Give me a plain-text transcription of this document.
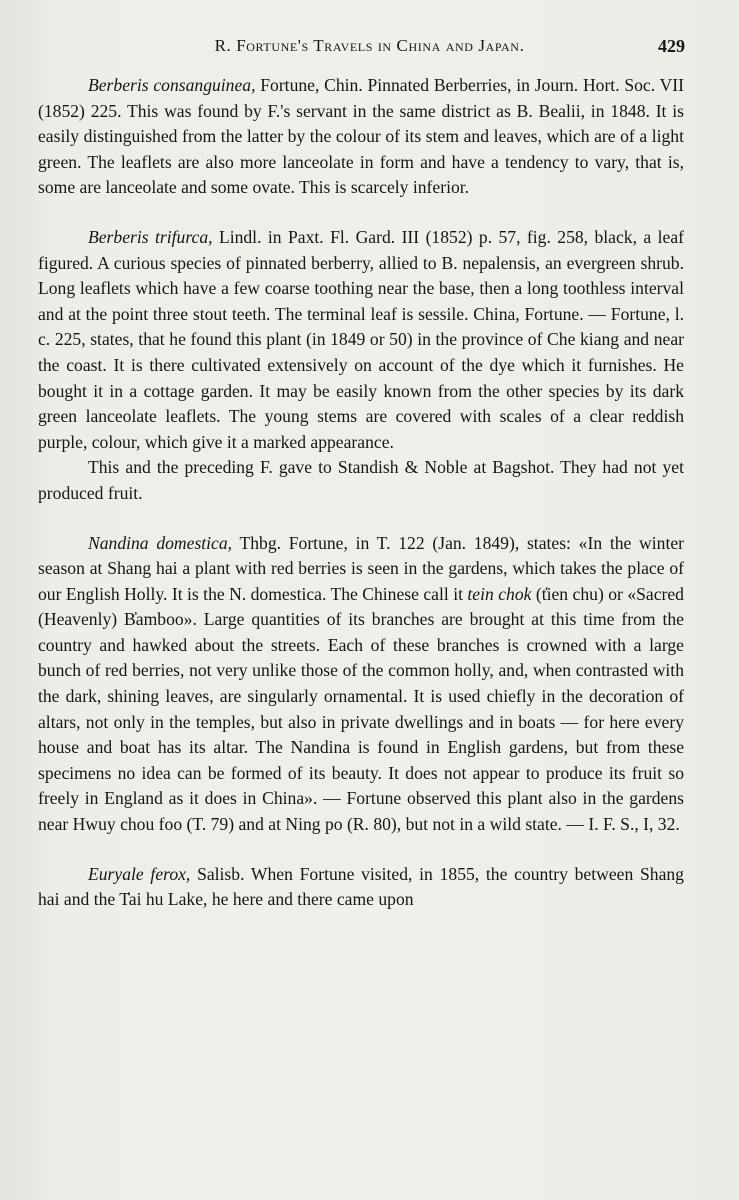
R. Fortune's Travels in China and Japan.	429

Berberis consanguinea, Fortune, Chin. Pinnated Berberries, in Journ. Hort. Soc. VII (1852) 225. This was found by F.'s servant in the same district as B. Bealii, in 1848. It is easily distinguished from the latter by the colour of its stem and leaves, which are of a light green. The leaflets are also more lanceolate in form and have a tendency to vary, that is, some are lanceolate and some ovate. This is scarcely inferior.

Berberis trifurca, Lindl. in Paxt. Fl. Gard. III (1852) p. 57, fig. 258, black, a leaf figured. A curious species of pinnated berberry, allied to B. nepalensis, an evergreen shrub. Long leaflets which have a few coarse toothing near the base, then a long toothless interval and at the point three stout teeth. The terminal leaf is sessile. China, Fortune. — Fortune, l. c. 225, states, that he found this plant (in 1849 or 50) in the province of Che kiang and near the coast. It is there cultivated extensively on account of the dye which it furnishes. He bought it in a cottage garden. It may be easily known from the other species by its dark green lanceolate leaflets. The young stems are covered with scales of a clear reddish purple, colour, which give it a marked appearance.

This and the preceding F. gave to Standish & Noble at Bagshot. They had not yet produced fruit.

Nandina domestica, Thbg. Fortune, in T. 122 (Jan. 1849), states: «In the winter season at Shang hai a plant with red berries is seen in the gardens, which takes the place of our English Holly. It is the N. domestica. The Chinese call it tein chok (t̒ien chu) or «Sacred (Heavenly) B̓amboo». Large quantities of its branches are brought at this time from the country and hawked about the streets. Each of these branches is crowned with a large bunch of red berries, not very unlike those of the common holly, and, when contrasted with the dark, shining leaves, are singularly ornamental. It is used chiefly in the decoration of altars, not only in the temples, but also in private dwellings and in boats — for here every house and boat has its altar. The Nandina is found in English gardens, but from these specimens no idea can be formed of its beauty. It does not appear to produce its fruit so freely in England as it does in China». — Fortune observed this plant also in the gardens near Hwuy chou foo (T. 79) and at Ning po (R. 80), but not in a wild state. — I. F. S., I, 32.

Euryale ferox, Salisb. When Fortune visited, in 1855, the country between Shang hai and the T̒ai hu Lake, he here and there came upon
